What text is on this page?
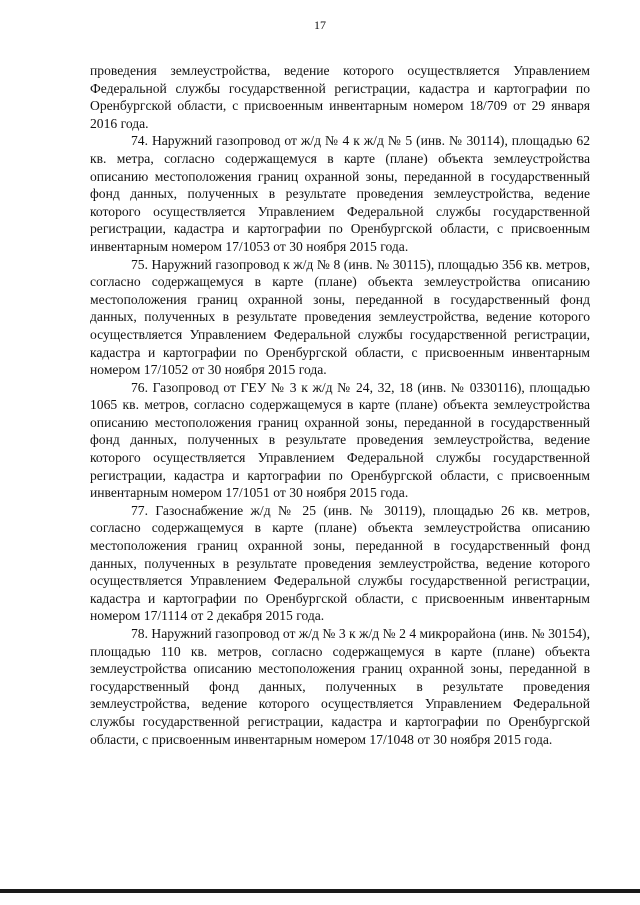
17

проведения землеустройства, ведение которого осуществляется Управлением Федеральной службы государственной регистрации, кадастра и картографии по Оренбургской области, с присвоенным инвентарным номером 18/709 от 29 января 2016 года.

74. Наружний газопровод от ж/д № 4 к ж/д № 5 (инв. № 30114), площадью 62 кв. метра, согласно содержащемуся в карте (плане) объекта землеустройства описанию местоположения границ охранной зоны, переданной в государственный фонд данных, полученных в результате проведения землеустройства, ведение которого осуществляется Управлением Федеральной службы государственной регистрации, кадастра и картографии по Оренбургской области, с присвоенным инвентарным номером 17/1053 от 30 ноября 2015 года.

75. Наружний газопровод к ж/д № 8 (инв. № 30115), площадью 356 кв. метров, согласно содержащемуся в карте (плане) объекта землеустройства описанию местоположения границ охранной зоны, переданной в государственный фонд данных, полученных в результате проведения землеустройства, ведение которого осуществляется Управлением Федеральной службы государственной регистрации, кадастра и картографии по Оренбургской области, с присвоенным инвентарным номером 17/1052 от 30 ноября 2015 года.

76. Газопровод от ГЕУ № 3 к ж/д № 24, 32, 18 (инв. № 0330116), площадью 1065 кв. метров, согласно содержащемуся в карте (плане) объекта землеустройства описанию местоположения границ охранной зоны, переданной в государственный фонд данных, полученных в результате проведения землеустройства, ведение которого осуществляется Управлением Федеральной службы государственной регистрации, кадастра и картографии по Оренбургской области, с присвоенным инвентарным номером 17/1051 от 30 ноября 2015 года.

77. Газоснабжение ж/д № 25 (инв. № 30119), площадью 26 кв. метров, согласно содержащемуся в карте (плане) объекта землеустройства описанию местоположения границ охранной зоны, переданной в государственный фонд данных, полученных в результате проведения землеустройства, ведение которого осуществляется Управлением Федеральной службы государственной регистрации, кадастра и картографии по Оренбургской области, с присвоенным инвентарным номером 17/1114 от 2 декабря 2015 года.

78. Наружний газопровод от ж/д № 3 к ж/д № 2 4 микрорайона (инв. № 30154), площадью 110 кв. метров, согласно содержащемуся в карте (плане) объекта землеустройства описанию местоположения границ охранной зоны, переданной в государственный фонд данных, полученных в результате проведения землеустройства, ведение которого осуществляется Управлением Федеральной службы государственной регистрации, кадастра и картографии по Оренбургской области, с присвоенным инвентарным номером 17/1048 от 30 ноября 2015 года.
